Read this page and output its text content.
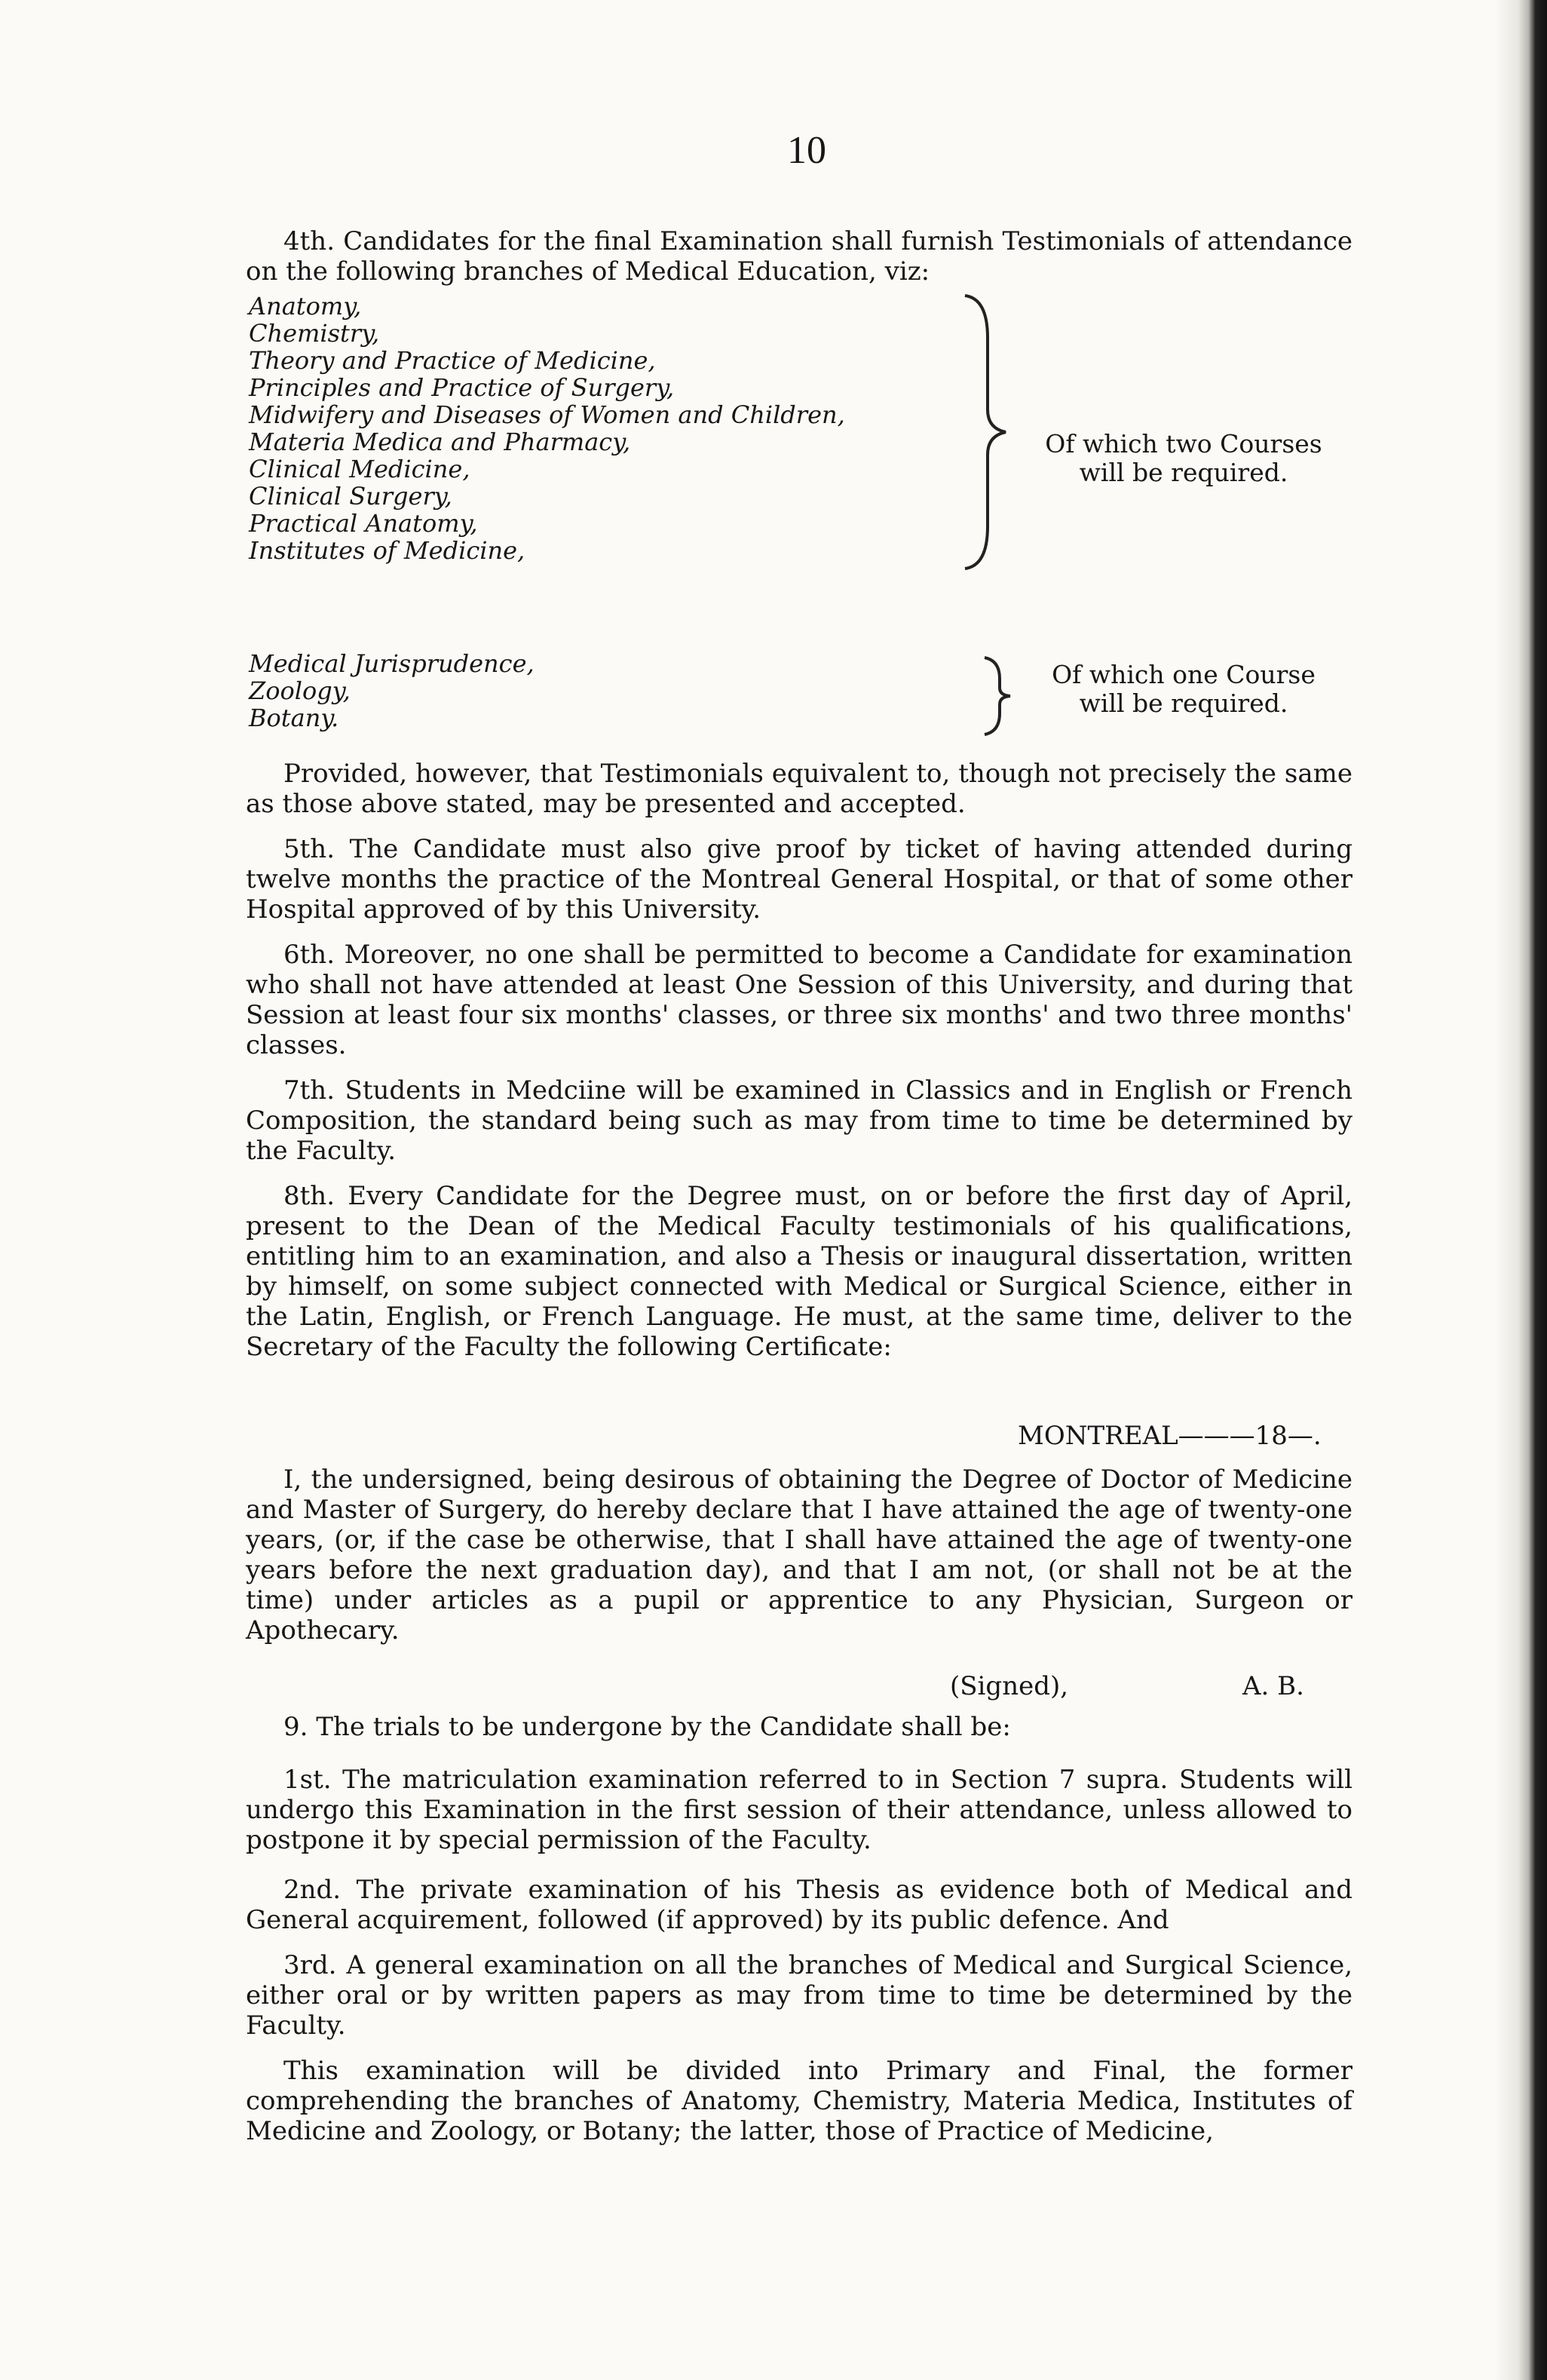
10
4th. Candidates for the final Examination shall furnish Testimonials of attendance on the following branches of Medical Education, viz:
Anatomy,
Chemistry,
Theory and Practice of Medicine,
Principles and Practice of Surgery,
Midwifery and Diseases of Women and Children,
Materia Medica and Pharmacy,
Clinical Medicine,
Clinical Surgery,
Practical Anatomy,
Institutes of Medicine,
Of which two Courses
will be required.
Medical Jurisprudence,
Zoology,
Botany.
Of which one Course
will be required.
Provided, however, that Testimonials equivalent to, though not precisely the same as those above stated, may be presented and accepted.
5th. The Candidate must also give proof by ticket of having attended during twelve months the practice of the Montreal General Hospital, or that of some other Hospital approved of by this University.
6th. Moreover, no one shall be permitted to become a Candidate for examination who shall not have attended at least One Session of this University, and during that Session at least four six months' classes, or three six months' and two three months' classes.
7th. Students in Medciine will be examined in Classics and in English or French Composition, the standard being such as may from time to time be determined by the Faculty.
8th. Every Candidate for the Degree must, on or before the first day of April, present to the Dean of the Medical Faculty testimonials of his qualifications, entitling him to an examination, and also a Thesis or inaugural dissertation, written by himself, on some subject connected with Medical or Surgical Science, either in the Latin, English, or French Language. He must, at the same time, deliver to the Secretary of the Faculty the following Certificate:
MONTREAL———18—.
I, the undersigned, being desirous of obtaining the Degree of Doctor of Medicine and Master of Surgery, do hereby declare that I have attained the age of twenty-one years, (or, if the case be otherwise, that I shall have attained the age of twenty-one years before the next graduation day), and that I am not, (or shall not be at the time) under articles as a pupil or apprentice to any Physician, Surgeon or Apothecary.
(Signed),	A. B.
9. The trials to be undergone by the Candidate shall be:
1st. The matriculation examination referred to in Section 7 supra. Students will undergo this Examination in the first session of their attendance, unless allowed to postpone it by special permission of the Faculty.
2nd. The private examination of his Thesis as evidence both of Medical and General acquirement, followed (if approved) by its public defence. And
3rd. A general examination on all the branches of Medical and Surgical Science, either oral or by written papers as may from time to time be determined by the Faculty.
This examination will be divided into Primary and Final, the former comprehending the branches of Anatomy, Chemistry, Materia Medica, Institutes of Medicine and Zoology, or Botany; the latter, those of Practice of Medicine,
